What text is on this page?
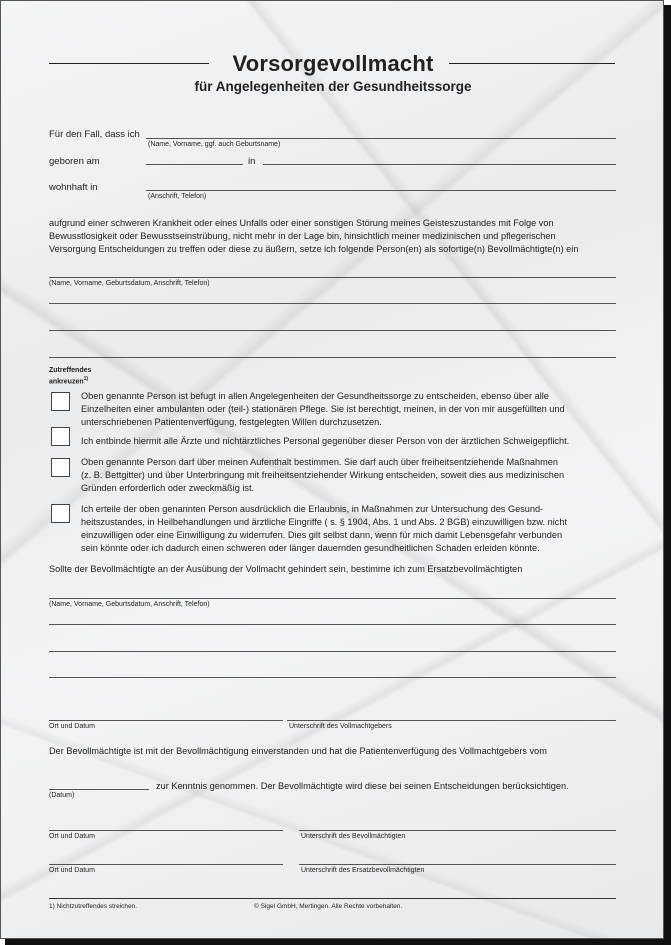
Vorsorgevollmacht
für Angelegenheiten der Gesundheitssorge
Für den Fall, dass ich
(Name, Vorname, ggf. auch Geburtsname)
geboren am	in
wohnhaft in
(Anschrift, Telefon)
aufgrund einer schweren Krankheit oder eines Unfalls oder einer sonstigen Störung meines Geisteszustandes mit Folge von
Bewusstlosigkeit oder Bewusstseinstrübung, nicht mehr in der Lage bin, hinsichtlich meiner medizinischen und pflegerischen
Versorgung Entscheidungen zu treffen oder diese zu äußern, setze ich folgende Person(en) als sofortige(n) Bevollmächtigte(n) ein
(Name, Vorname, Geburtsdatum, Anschrift, Telefon)
Zutreffendes
ankreuzen$^{1)}$
Oben genannte Person ist befugt in allen Angelegenheiten der Gesundheitssorge zu entscheiden, ebenso über alle
Einzelheiten einer ambulanten oder (teil-) stationären Pflege. Sie ist berechtigt, meinen, in der von mir ausgefüllten und
unterschriebenen Patientenverfügung, festgelegten Willen durchzusetzen.
Ich entbinde hiermit alle Ärzte und nichtärztliches Personal gegenüber dieser Person von der ärztlichen Schweigepflicht.
Oben genannte Person darf über meinen Aufenthalt bestimmen. Sie darf auch über freiheitsentziehende Maßnahmen
(z. B. Bettgitter) und über Unterbringung mit freiheitsentziehender Wirkung entscheiden, soweit dies aus medizinischen
Gründen erforderlich oder zweckmäßig ist.
Ich erteile der oben genannten Person ausdrücklich die Erlaubnis, in Maßnahmen zur Untersuchung des Gesund-
heitszustandes, in Heilbehandlungen und ärztliche Eingriffe ( s. § 1904, Abs. 1 und Abs. 2 BGB) einzuwilligen bzw. nicht
einzuwilligen oder eine Einwilligung zu widerrufen. Dies gilt selbst dann, wenn für mich damit Lebensgefahr verbunden
sein könnte oder ich dadurch einen schweren oder länger dauernden gesundheitlichen Schaden erleiden könnte.
Sollte der Bevollmächtigte an der Ausübung der Vollmacht gehindert sein, bestimme ich zum Ersatzbevollmächtigten
(Name, Vorname, Geburtsdatum, Anschrift, Telefon)
Ort und Datum	Unterschrift des Vollmachtgebers
Der Bevollmächtigte ist mit der Bevollmächtigung einverstanden und hat die Patientenverfügung des Vollmachtgebers vom
(Datum)
zur Kenntnis genommen. Der Bevollmächtigte wird diese bei seinen Entscheidungen berücksichtigen.
Ort und Datum	Unterschrift des Bevollmächtigten
Ort und Datum	Unterschrift des Ersatzbevollmächtigten
1) Nichtzutreffendes streichen.	© Sigel GmbH, Mertingen. Alle Rechte vorbehalten.
